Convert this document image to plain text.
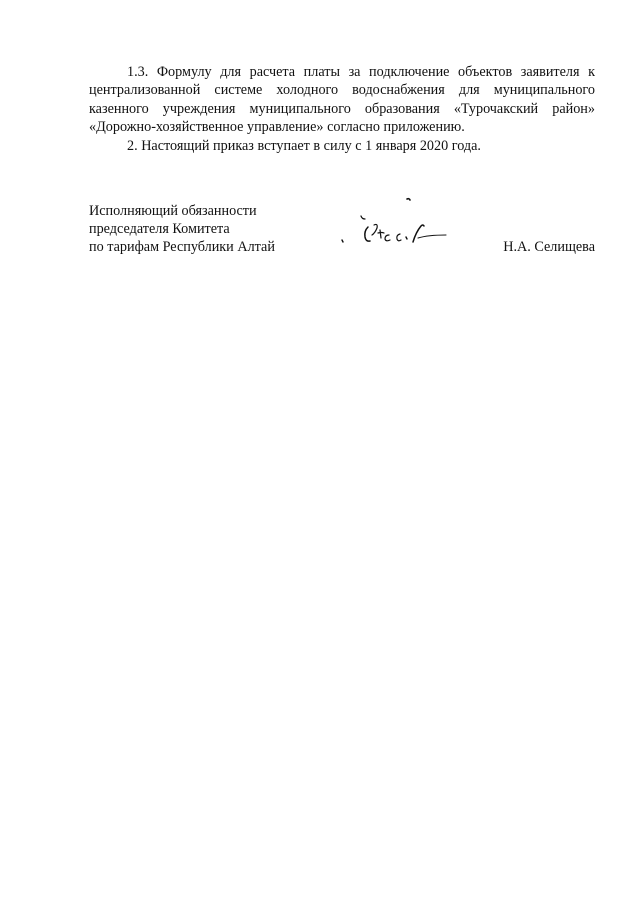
1.3. Формулу для расчета платы за подключение объектов заявителя к централизованной системе холодного водоснабжения для муниципального казенного учреждения муниципального образования «Турочакский район» «Дорожно-хозяйственное управление» согласно приложению.

2. Настоящий приказ вступает в силу с 1 января 2020 года.

Исполняющий обязанности
председателя Комитета
по тарифам Республики Алтай	Н.А. Селищева
